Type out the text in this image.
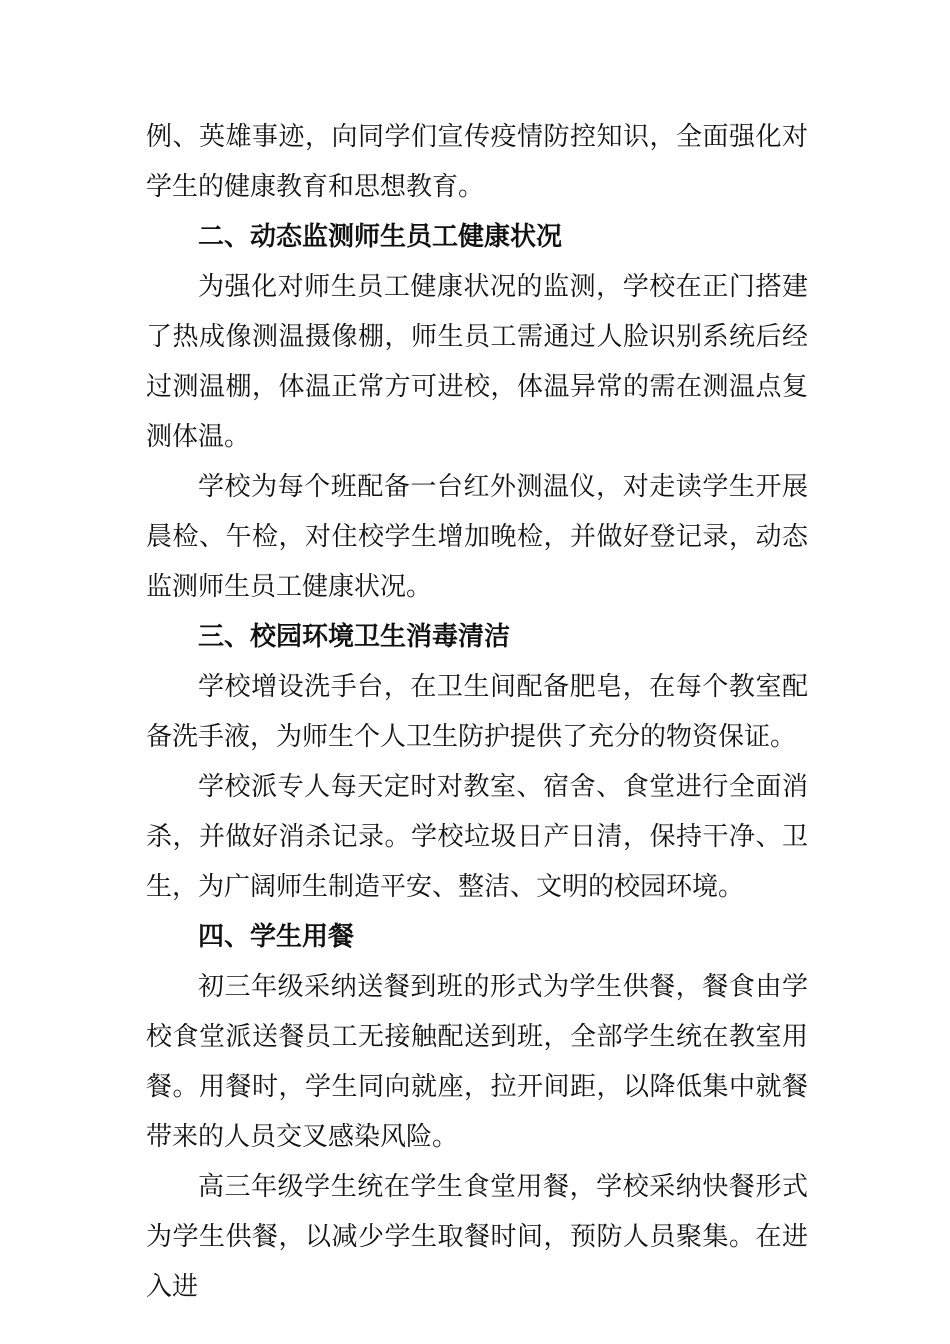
例、英雄事迹，向同学们宣传疫情防控知识，全面强化对学生的健康教育和思想教育。

二、动态监测师生员工健康状况

为强化对师生员工健康状况的监测，学校在正门搭建了热成像测温摄像棚，师生员工需通过人脸识别系统后经过测温棚，体温正常方可进校，体温异常的需在测温点复测体温。

学校为每个班配备一台红外测温仪，对走读学生开展晨检、午检，对住校学生增加晚检，并做好登记录，动态监测师生员工健康状况。

三、校园环境卫生消毒清洁

学校增设洗手台，在卫生间配备肥皂，在每个教室配备洗手液，为师生个人卫生防护提供了充分的物资保证。

学校派专人每天定时对教室、宿舍、食堂进行全面消杀，并做好消杀记录。学校垃圾日产日清，保持干净、卫生，为广阔师生制造平安、整洁、文明的校园环境。

四、学生用餐

初三年级采纳送餐到班的形式为学生供餐，餐食由学校食堂派送餐员工无接触配送到班，全部学生统在教室用餐。用餐时，学生同向就座，拉开间距，以降低集中就餐带来的人员交叉感染风险。

高三年级学生统在学生食堂用餐，学校采纳快餐形式为学生供餐，以减少学生取餐时间，预防人员聚集。在进入进
